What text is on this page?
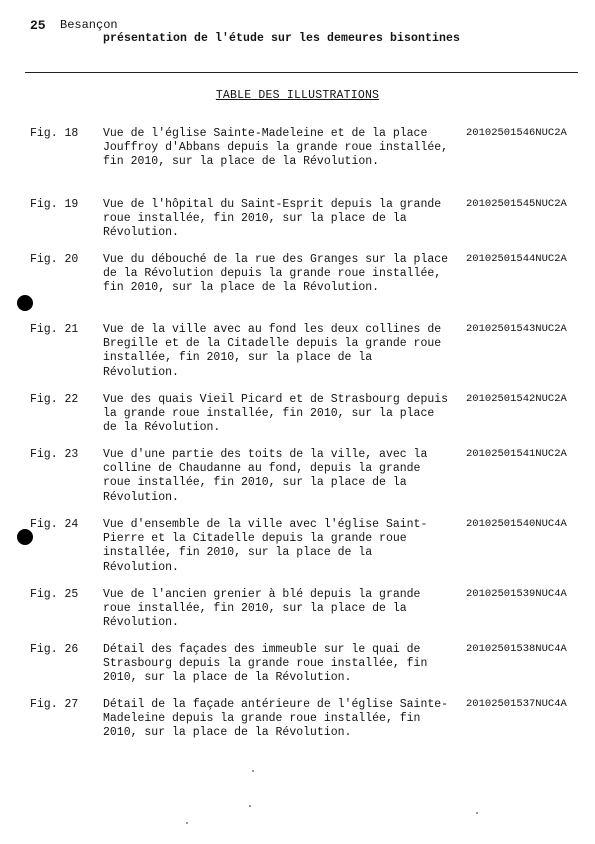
25 Besançon
présentation de l'étude sur les demeures bisontines
TABLE DES ILLUSTRATIONS
Fig. 18 Vue de l'église Sainte-Madeleine et de la place Jouffroy d'Abbans depuis la grande roue installée, fin 2010, sur la place de la Révolution.
20102501546NUC2A
Fig. 19 Vue de l'hôpital du Saint-Esprit depuis la grande roue installée, fin 2010, sur la place de la Révolution.
20102501545NUC2A
Fig. 20 Vue du débouché de la rue des Granges sur la place de la Révolution depuis la grande roue installée, fin 2010, sur la place de la Révolution.
20102501544NUC2A
Fig. 21 Vue de la ville avec au fond les deux collines de Bregille et de la Citadelle depuis la grande roue installée, fin 2010, sur la place de la Révolution.
20102501543NUC2A
Fig. 22 Vue des quais Vieil Picard et de Strasbourg depuis la grande roue installée, fin 2010, sur la place de la Révolution.
20102501542NUC2A
Fig. 23 Vue d'une partie des toits de la ville, avec la colline de Chaudanne au fond, depuis la grande roue installée, fin 2010, sur la place de la Révolution.
20102501541NUC2A
Fig. 24 Vue d'ensemble de la ville avec l'église Saint-Pierre et la Citadelle depuis la grande roue installée, fin 2010, sur la place de la Révolution.
20102501540NUC4A
Fig. 25 Vue de l'ancien grenier à blé depuis la grande roue installée, fin 2010, sur la place de la Révolution.
20102501539NUC4A
Fig. 26 Détail des façades des immeuble sur le quai de Strasbourg depuis la grande roue installée, fin 2010, sur la place de la Révolution.
20102501538NUC4A
Fig. 27 Détail de la façade antérieure de l'église Sainte-Madeleine depuis la grande roue installée, fin 2010, sur la place de la Révolution.
20102501537NUC4A
